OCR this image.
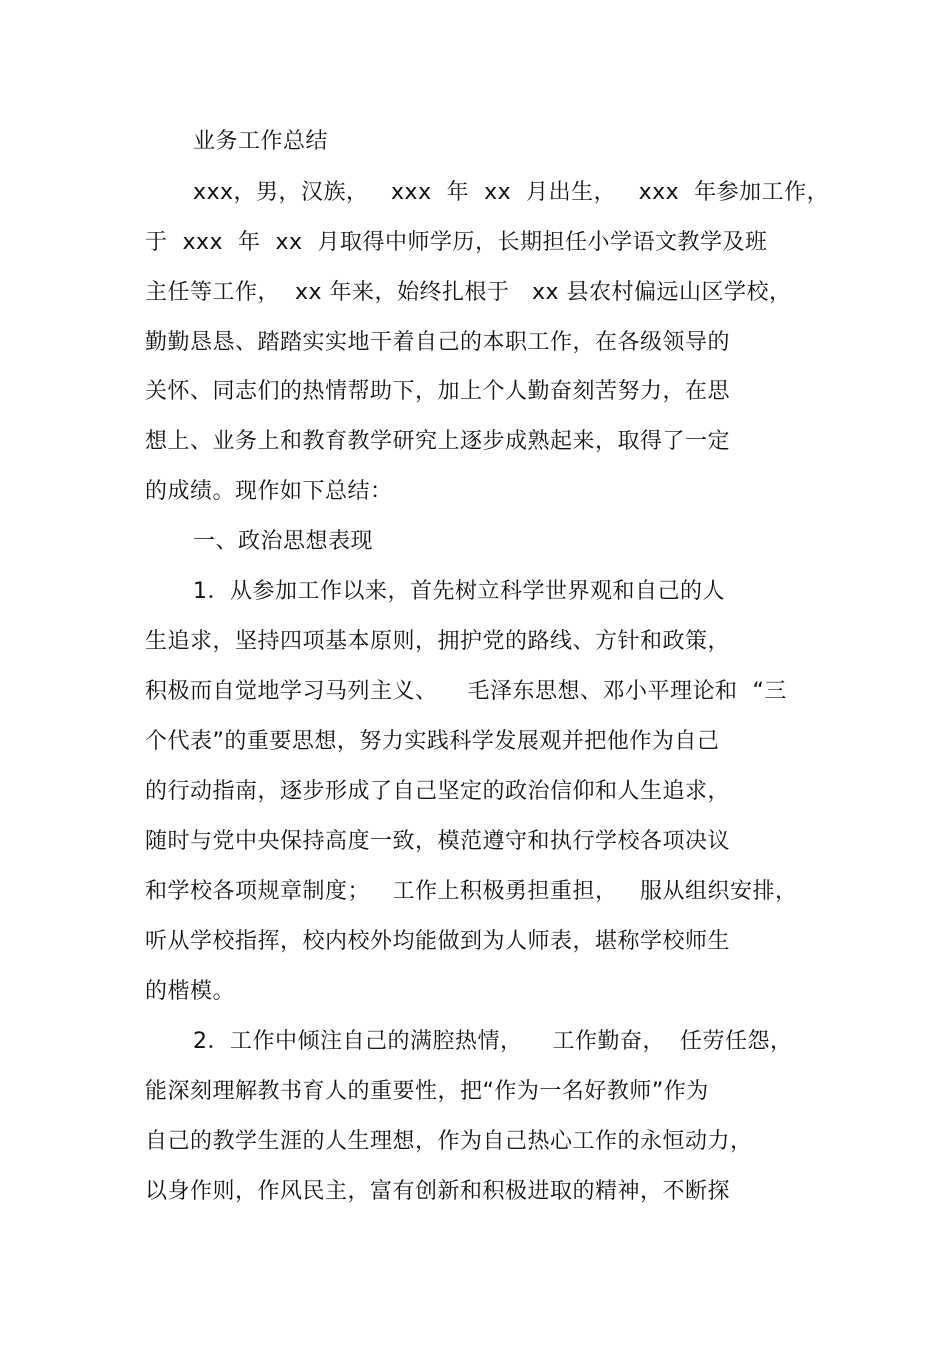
业务工作总结
xxx，男，汉族，   xxx  年  xx  月出生，   xxx  年参加工作，
于  xxx  年  xx  月取得中师学历，长期担任小学语文教学及班
主任等工作，  xx 年来，始终扎根于   xx 县农村偏远山区学校，
勤勤恳恳、踏踏实实地干着自己的本职工作，在各级领导的
关怀、同志们的热情帮助下，加上个人勤奋刻苦努力，在思
想上、业务上和教育教学研究上逐步成熟起来，取得了一定
的成绩。现作如下总结：
一、政治思想表现
1．从参加工作以来，首先树立科学世界观和自己的人
生追求，坚持四项基本原则，拥护党的路线、方针和政策，
积极而自觉地学习马列主义、    毛泽东思想、邓小平理论和  “三
个代表”的重要思想，努力实践科学发展观并把他作为自己
的行动指南，逐步形成了自己坚定的政治信仰和人生追求，
随时与党中央保持高度一致，模范遵守和执行学校各项决议
和学校各项规章制度；   工作上积极勇担重担，   服从组织安排，
听从学校指挥，校内校外均能做到为人师表，堪称学校师生
的楷模。
2．工作中倾注自己的满腔热情，    工作勤奋，  任劳任怨，
能深刻理解教书育人的重要性，把“作为一名好教师”作为
自己的教学生涯的人生理想，作为自己热心工作的永恒动力，
以身作则，作风民主，富有创新和积极进取的精神，不断探
